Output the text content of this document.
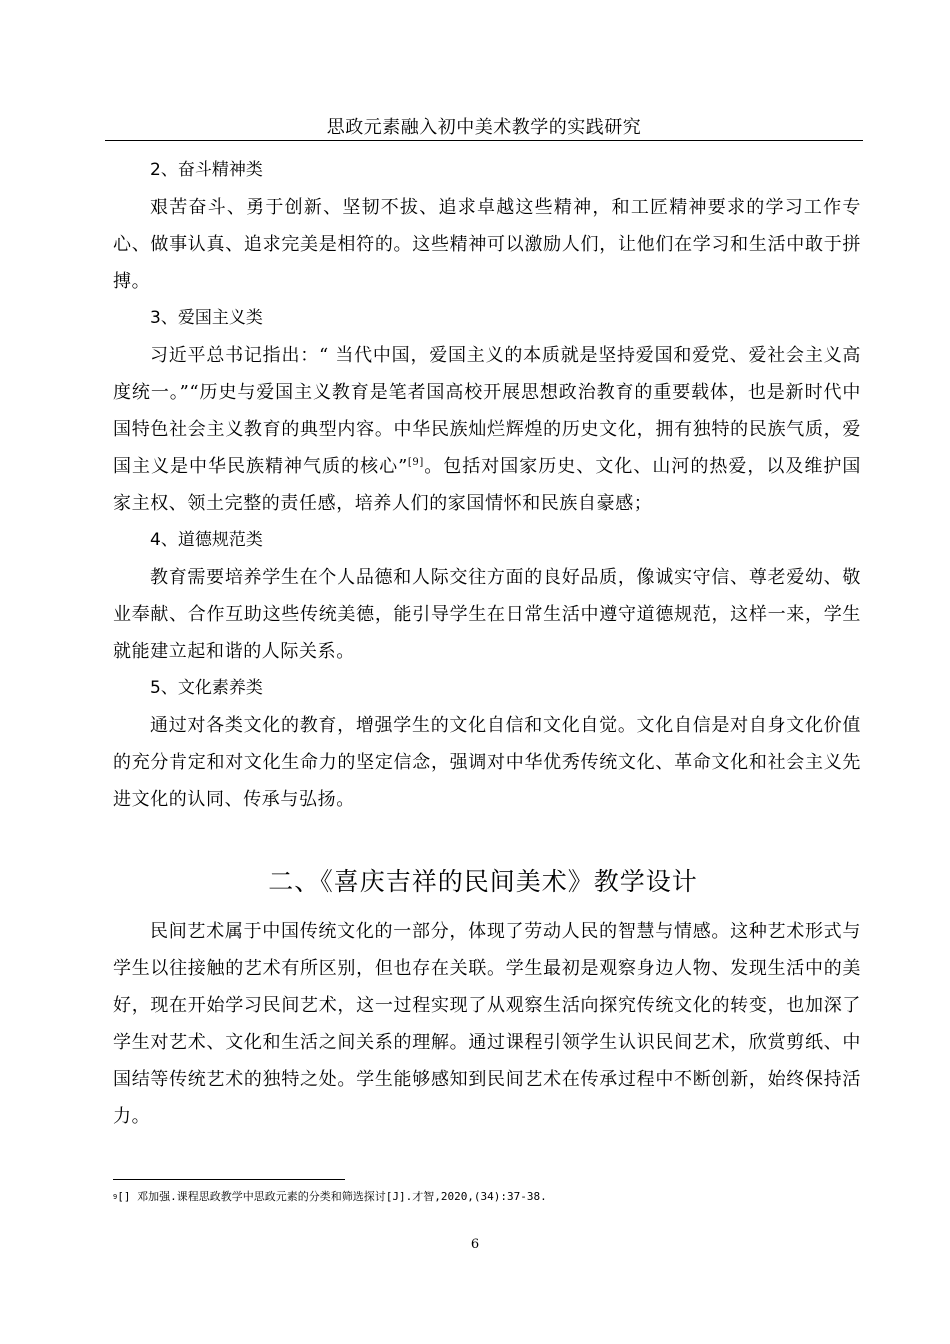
思政元素融入初中美术教学的实践研究

2、奋斗精神类

艰苦奋斗、勇于创新、坚韧不拔、追求卓越这些精神，和工匠精神要求的学习工作专心、做事认真、追求完美是相符的。这些精神可以激励人们，让他们在学习和生活中敢于拼搏。

3、爱国主义类

习近平总书记指出：“ 当代中国，爱国主义的本质就是坚持爱国和爱党、爱社会主义高度统一。”“历史与爱国主义教育是笔者国高校开展思想政治教育的重要载体，也是新时代中国特色社会主义教育的典型内容。中华民族灿烂辉煌的历史文化，拥有独特的民族气质，爱国主义是中华民族精神气质的核心”[9]。包括对国家历史、文化、山河的热爱，以及维护国家主权、领土完整的责任感，培养人们的家国情怀和民族自豪感；

4、道德规范类

教育需要培养学生在个人品德和人际交往方面的良好品质，像诚实守信、尊老爱幼、敬业奉献、合作互助这些传统美德，能引导学生在日常生活中遵守道德规范，这样一来，学生就能建立起和谐的人际关系。

5、文化素养类

通过对各类文化的教育，增强学生的文化自信和文化自觉。文化自信是对自身文化价值的充分肯定和对文化生命力的坚定信念，强调对中华优秀传统文化、革命文化和社会主义先进文化的认同、传承与弘扬。

二、《喜庆吉祥的民间美术》教学设计

民间艺术属于中国传统文化的一部分，体现了劳动人民的智慧与情感。这种艺术形式与学生以往接触的艺术有所区别，但也存在关联。学生最初是观察身边人物、发现生活中的美好，现在开始学习民间艺术，这一过程实现了从观察生活向探究传统文化的转变，也加深了学生对艺术、文化和生活之间关系的理解。通过课程引领学生认识民间艺术，欣赏剪纸、中国结等传统艺术的独特之处。学生能够感知到民间艺术在传承过程中不断创新，始终保持活力。

$^9$[] 邓加强.课程思政教学中思政元素的分类和筛选探讨[J].才智,2020,(34):37-38.
6
